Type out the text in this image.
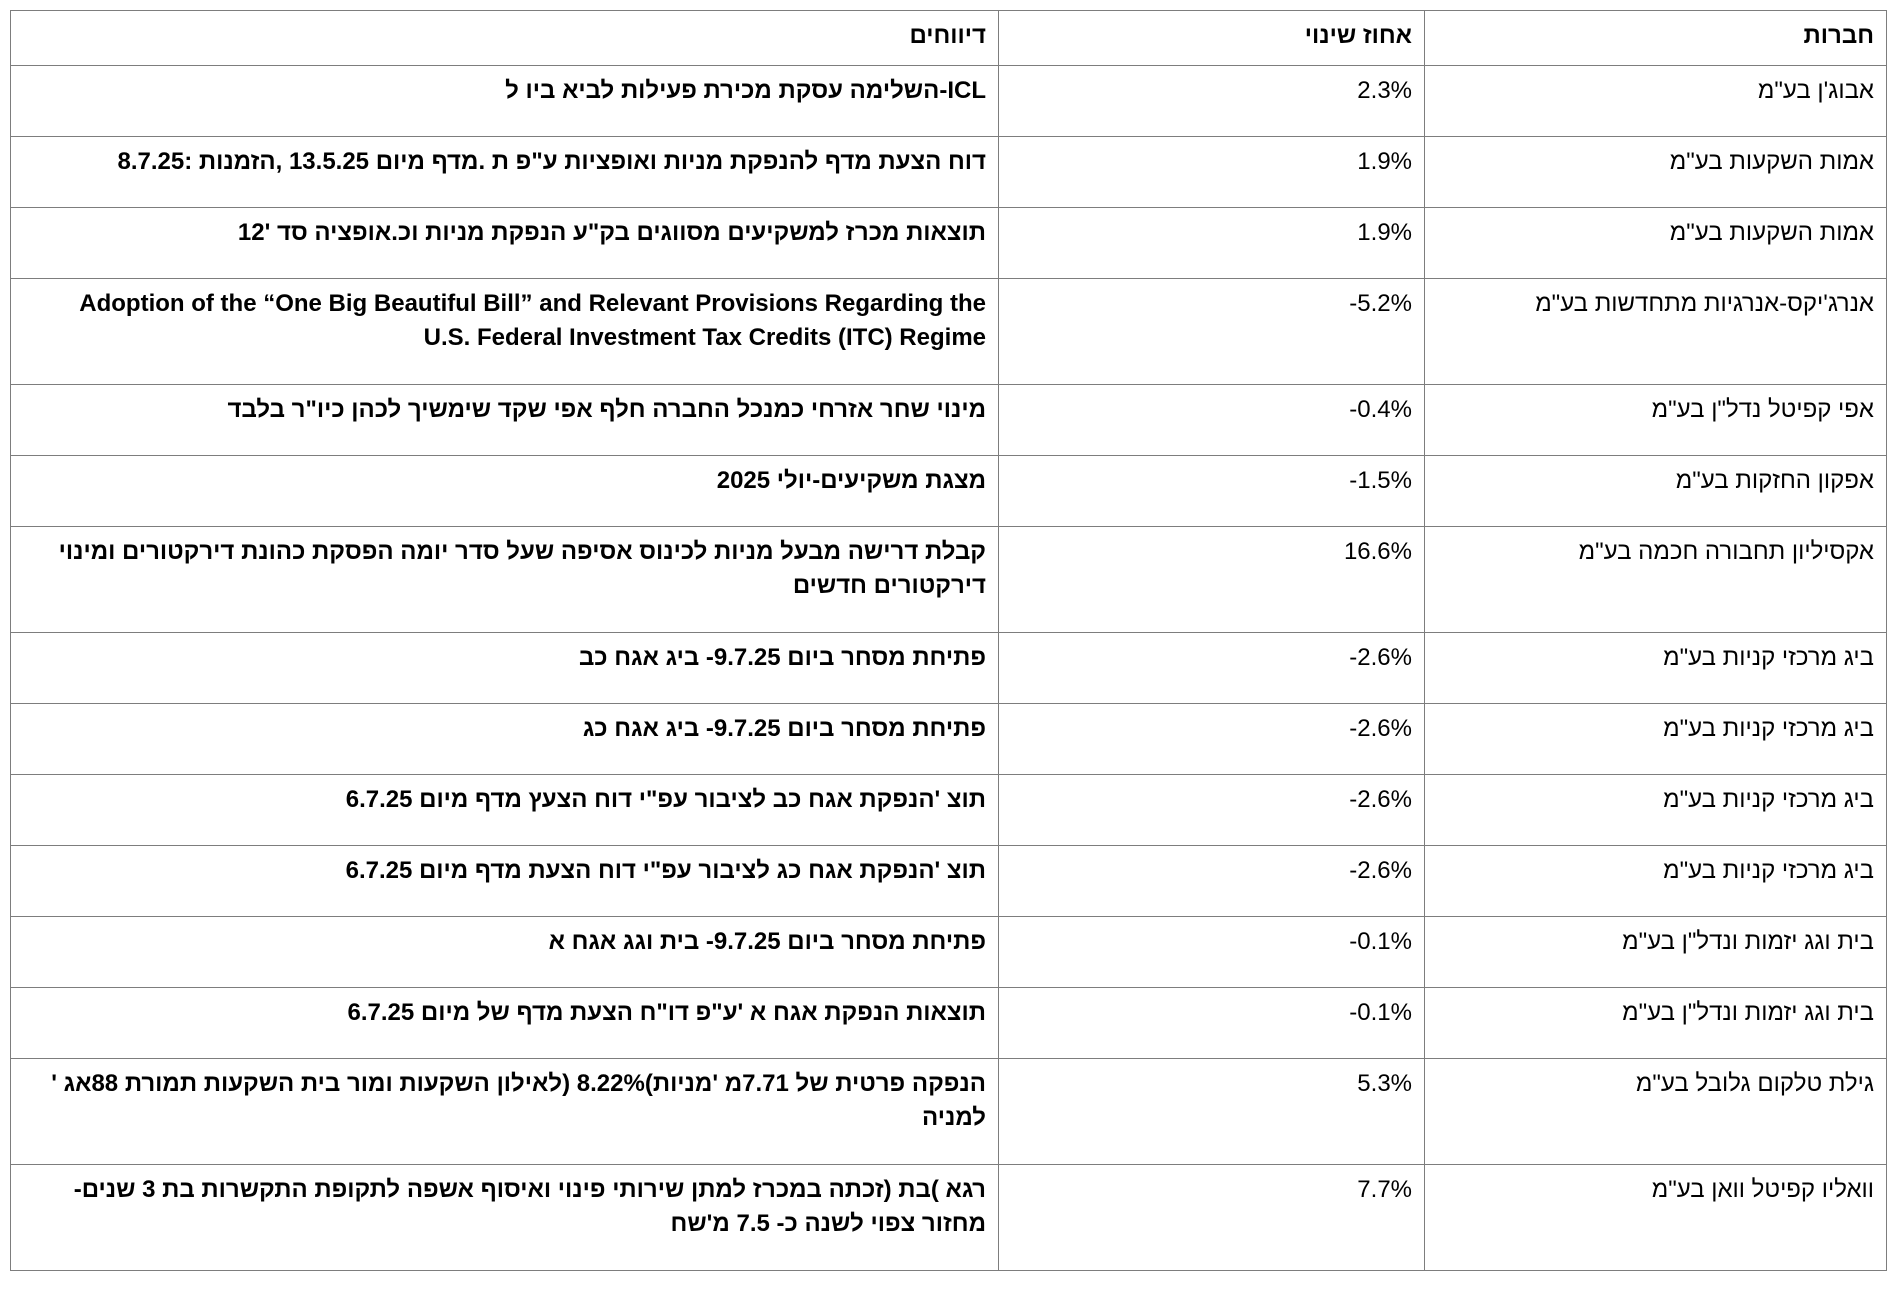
חברות	אחוז שינוי	דיווחים
אבוג'ן בע"מ	2.3%	ICL-השלימה עסקת מכירת פעילות לביא ביו ל
אמות השקעות בע"מ	1.9%	דוח הצעת מדף להנפקת מניות ואופציות ע"פ ת .מדף מיום 13.5.25 ,הזמנות :8.7.25
אמות השקעות בע"מ	1.9%	תוצאות מכרז למשקיעים מסווגים בק"ע הנפקת מניות וכ.אופציה סד '12
אנרג'יקס-אנרגיות מתחדשות בע"מ	-5.2%	Adoption of the “One Big Beautiful Bill” and Relevant Provisions Regarding the U.S. Federal Investment Tax Credits (ITC) Regime
אפי קפיטל נדל"ן בע"מ	-0.4%	מינוי שחר אזרחי כמנכל החברה חלף אפי שקד שימשיך לכהן כיו"ר בלבד
אפקון החזקות בע"מ	-1.5%	מצגת משקיעים-יולי 2025
אקסיליון תחבורה חכמה בע"מ	16.6%	קבלת דרישה מבעל מניות לכינוס אסיפה שעל סדר יומה הפסקת כהונת דירקטורים ומינוי דירקטורים חדשים
ביג מרכזי קניות בע"מ	-2.6%	פתיחת מסחר ביום 9.7.25- ביג אגח כב
ביג מרכזי קניות בע"מ	-2.6%	פתיחת מסחר ביום 9.7.25- ביג אגח כג
ביג מרכזי קניות בע"מ	-2.6%	תוצ 'הנפקת אגח כב לציבור עפ"י דוח הצעץ מדף מיום 6.7.25
ביג מרכזי קניות בע"מ	-2.6%	תוצ 'הנפקת אגח כג לציבור עפ"י דוח הצעת מדף מיום 6.7.25
בית וגג יזמות ונדל"ן בע"מ	-0.1%	פתיחת מסחר ביום 9.7.25- בית וגג אגח א
בית וגג יזמות ונדל"ן בע"מ	-0.1%	תוצאות הנפקת אגח א 'ע"פ דו"ח הצעת מדף של מיום 6.7.25
גילת טלקום גלובל בע"מ	5.3%	הנפקה פרטית של 7.71מ 'מניות)8.22% (לאילון השקעות ומור בית השקעות תמורת 88אג ' למניה
וואליו קפיטל וואן בע"מ	7.7%	רגא )בת (זכתה במכרז למתן שירותי פינוי ואיסוף אשפה לתקופת התקשרות בת 3 שנים- מחזור צפוי לשנה כ- 7.5 מ'שח
